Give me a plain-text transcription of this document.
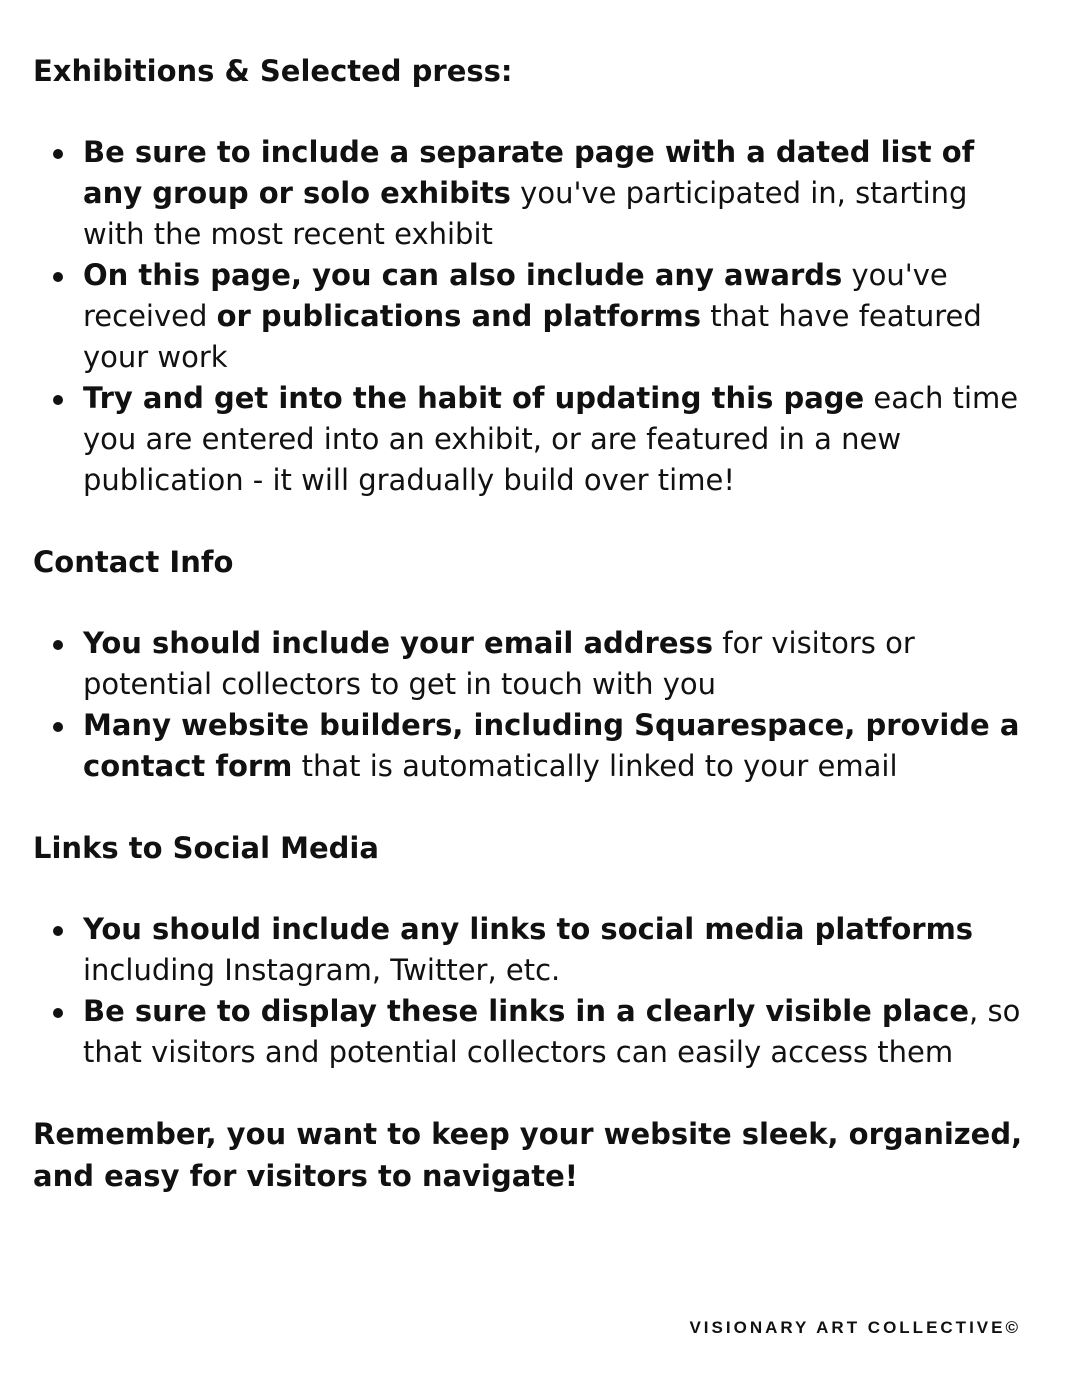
Exhibitions & Selected press:
Be sure to include a separate page with a dated list of any group or solo exhibits you've participated in, starting with the most recent exhibit
On this page, you can also include any awards you've received or publications and platforms that have featured your work
Try and get into the habit of updating this page each time you are entered into an exhibit, or are featured in a new publication - it will gradually build over time!
Contact Info
You should include your email address for visitors or potential collectors to get in touch with you
Many website builders, including Squarespace, provide a contact form that is automatically linked to your email
Links to Social Media
You should include any links to social media platforms including Instagram, Twitter, etc.
Be sure to display these links in a clearly visible place, so that visitors and potential collectors can easily access them

Remember, you want to keep your website sleek, organized, and easy for visitors to navigate!

VISIONARY ART COLLECTIVE©
